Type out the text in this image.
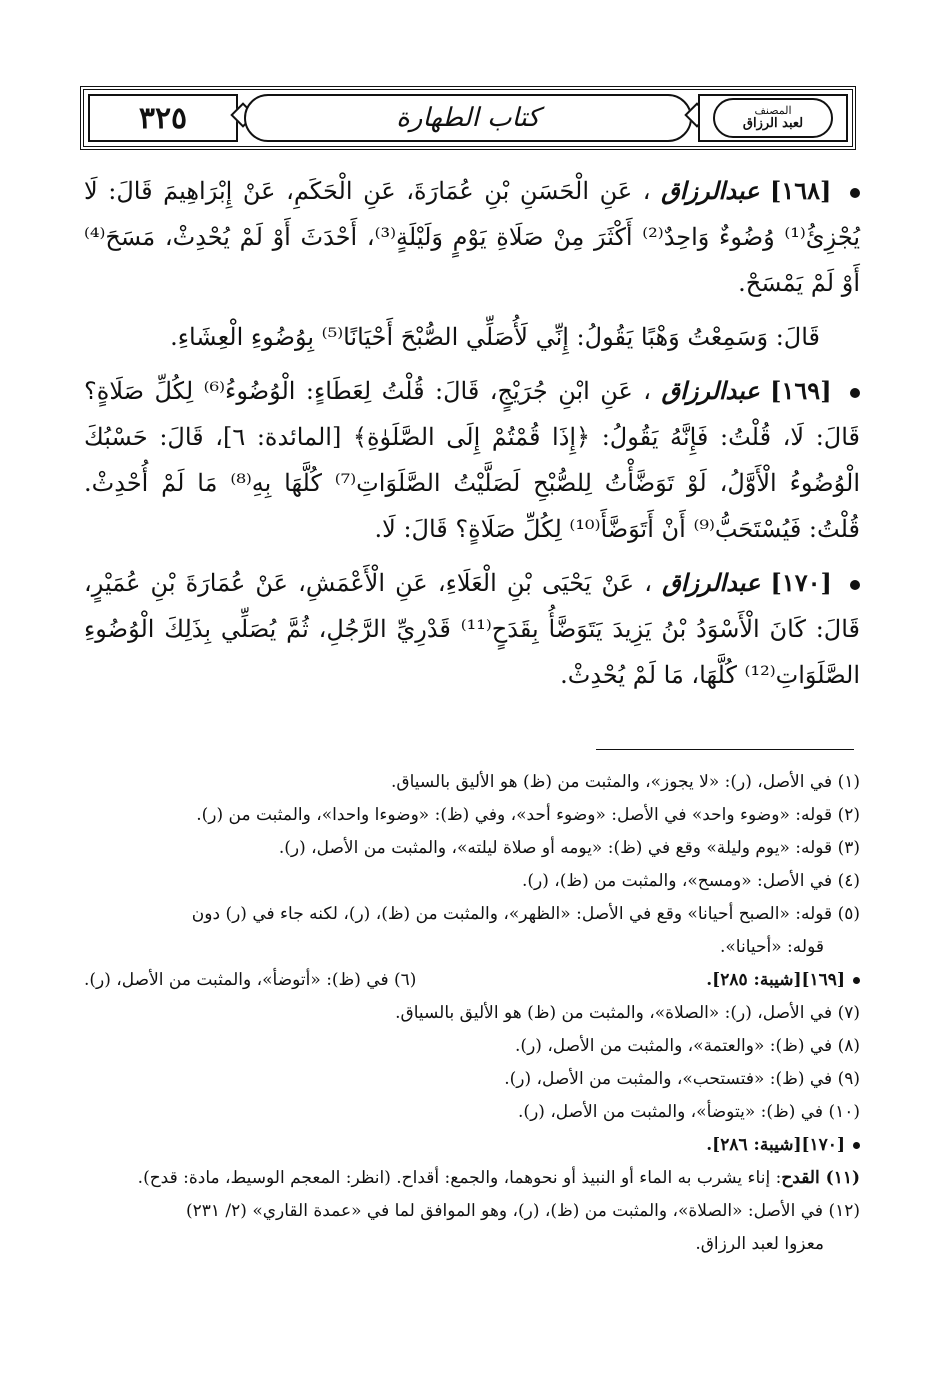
٣٢٥	كتاب الطهارة	المصنف
لعبد الرزاق

[١٦٨] عبدالرزاق ، عَنِ الْحَسَنِ بْنِ عُمَارَةَ، عَنِ الْحَكَمِ، عَنْ إِبْرَاهِيمَ قَالَ: لَا يُجْزِئُ⁽¹⁾ وُضُوءٌ وَاحِدٌ⁽²⁾ أَكْثَرَ مِنْ صَلَاةِ يَوْمٍ وَلَيْلَةٍ⁽³⁾، أَحْدَثَ أَوْ لَمْ يُحْدِثْ، مَسَحَ⁽⁴⁾ أَوْ لَمْ يَمْسَحْ.

قَالَ: وَسَمِعْتُ وَهْبًا يَقُولُ: إِنِّي لَأُصَلِّي الصُّبْحَ أَحْيَانًا⁽⁵⁾ بِوُضُوءِ الْعِشَاءِ.

[١٦٩] عبدالرزاق ، عَنِ ابْنِ جُرَيْجٍ، قَالَ: قُلْتُ لِعَطَاءٍ: الْوُضُوءُ⁽⁶⁾ لِكُلِّ صَلَاةٍ؟ قَالَ: لَا، قُلْتُ: فَإِنَّهُ يَقُولُ: ﴿إِذَا قُمْتُمْ إِلَى الصَّلَوٰةِ﴾ [المائدة: ٦]، قَالَ: حَسْبُكَ الْوُضُوءُ الْأَوَّلُ، لَوْ تَوَضَّأْتُ لِلصُّبْحِ لَصَلَّيْتُ الصَّلَوَاتِ⁽⁷⁾ كُلَّهَا بِهِ⁽⁸⁾ مَا لَمْ أُحْدِثْ. قُلْتُ: فَيُسْتَحَبُّ⁽⁹⁾ أَنْ أَتَوَضَّأَ⁽¹⁰⁾ لِكُلِّ صَلَاةٍ؟ قَالَ: لَا.

[١٧٠] عبدالرزاق ، عَنْ يَحْيَى بْنِ الْعَلَاءِ، عَنِ الْأَعْمَشِ، عَنْ عُمَارَةَ بْنِ عُمَيْرٍ، قَالَ: كَانَ الْأَسْوَدُ بْنُ يَزِيدَ يَتَوَضَّأُ بِقَدَحٍ⁽¹¹⁾ قَدْرِيِّ الرَّجُلِ، ثُمَّ يُصَلِّي بِذَلِكَ الْوُضُوءِ الصَّلَوَاتِ⁽¹²⁾ كُلَّهَا، مَا لَمْ يُحْدِثْ.

(١) في الأصل، (ر): «لا يجوز»، والمثبت من (ظ) هو الأليق بالسياق.

(٢) قوله: «وضوء واحد» في الأصل: «وضوء أحد»، وفي (ظ): «وضوءا واحدا»، والمثبت من (ر).

(٣) قوله: «يوم وليلة» وقع في (ظ): «يومه أو صلاة ليلته»، والمثبت من الأصل، (ر).

(٤) في الأصل: «ومسح»، والمثبت من (ظ)، (ر).

(٥) قوله: «الصبح أحيانا» وقع في الأصل: «الظهر»، والمثبت من (ظ)، (ر)، لكنه جاء في (ر) دون

قوله: «أحيانا».

[١٦٩][شيبة: ٢٨٥].
(٦) في (ظ): «أتوضأ»، والمثبت من الأصل، (ر).

(٧) في الأصل، (ر): «الصلاة»، والمثبت من (ظ) هو الأليق بالسياق.

(٨) في (ظ): «والعتمة»، والمثبت من الأصل، (ر).

(٩) في (ظ): «فتستحب»، والمثبت من الأصل، (ر).

(١٠) في (ظ): «يتوضأ»، والمثبت من الأصل، (ر).

[١٧٠][شيبة: ٢٨٦].

(١١) القدح: إناء يشرب به الماء أو النبيذ أو نحوهما، والجمع: أقداح. (انظر: المعجم الوسيط، مادة: قدح).

(١٢) في الأصل: «الصلاة»، والمثبت من (ظ)، (ر)، وهو الموافق لما في «عمدة القاري» (٢/ ٢٣١)

معزوا لعبد الرزاق.
